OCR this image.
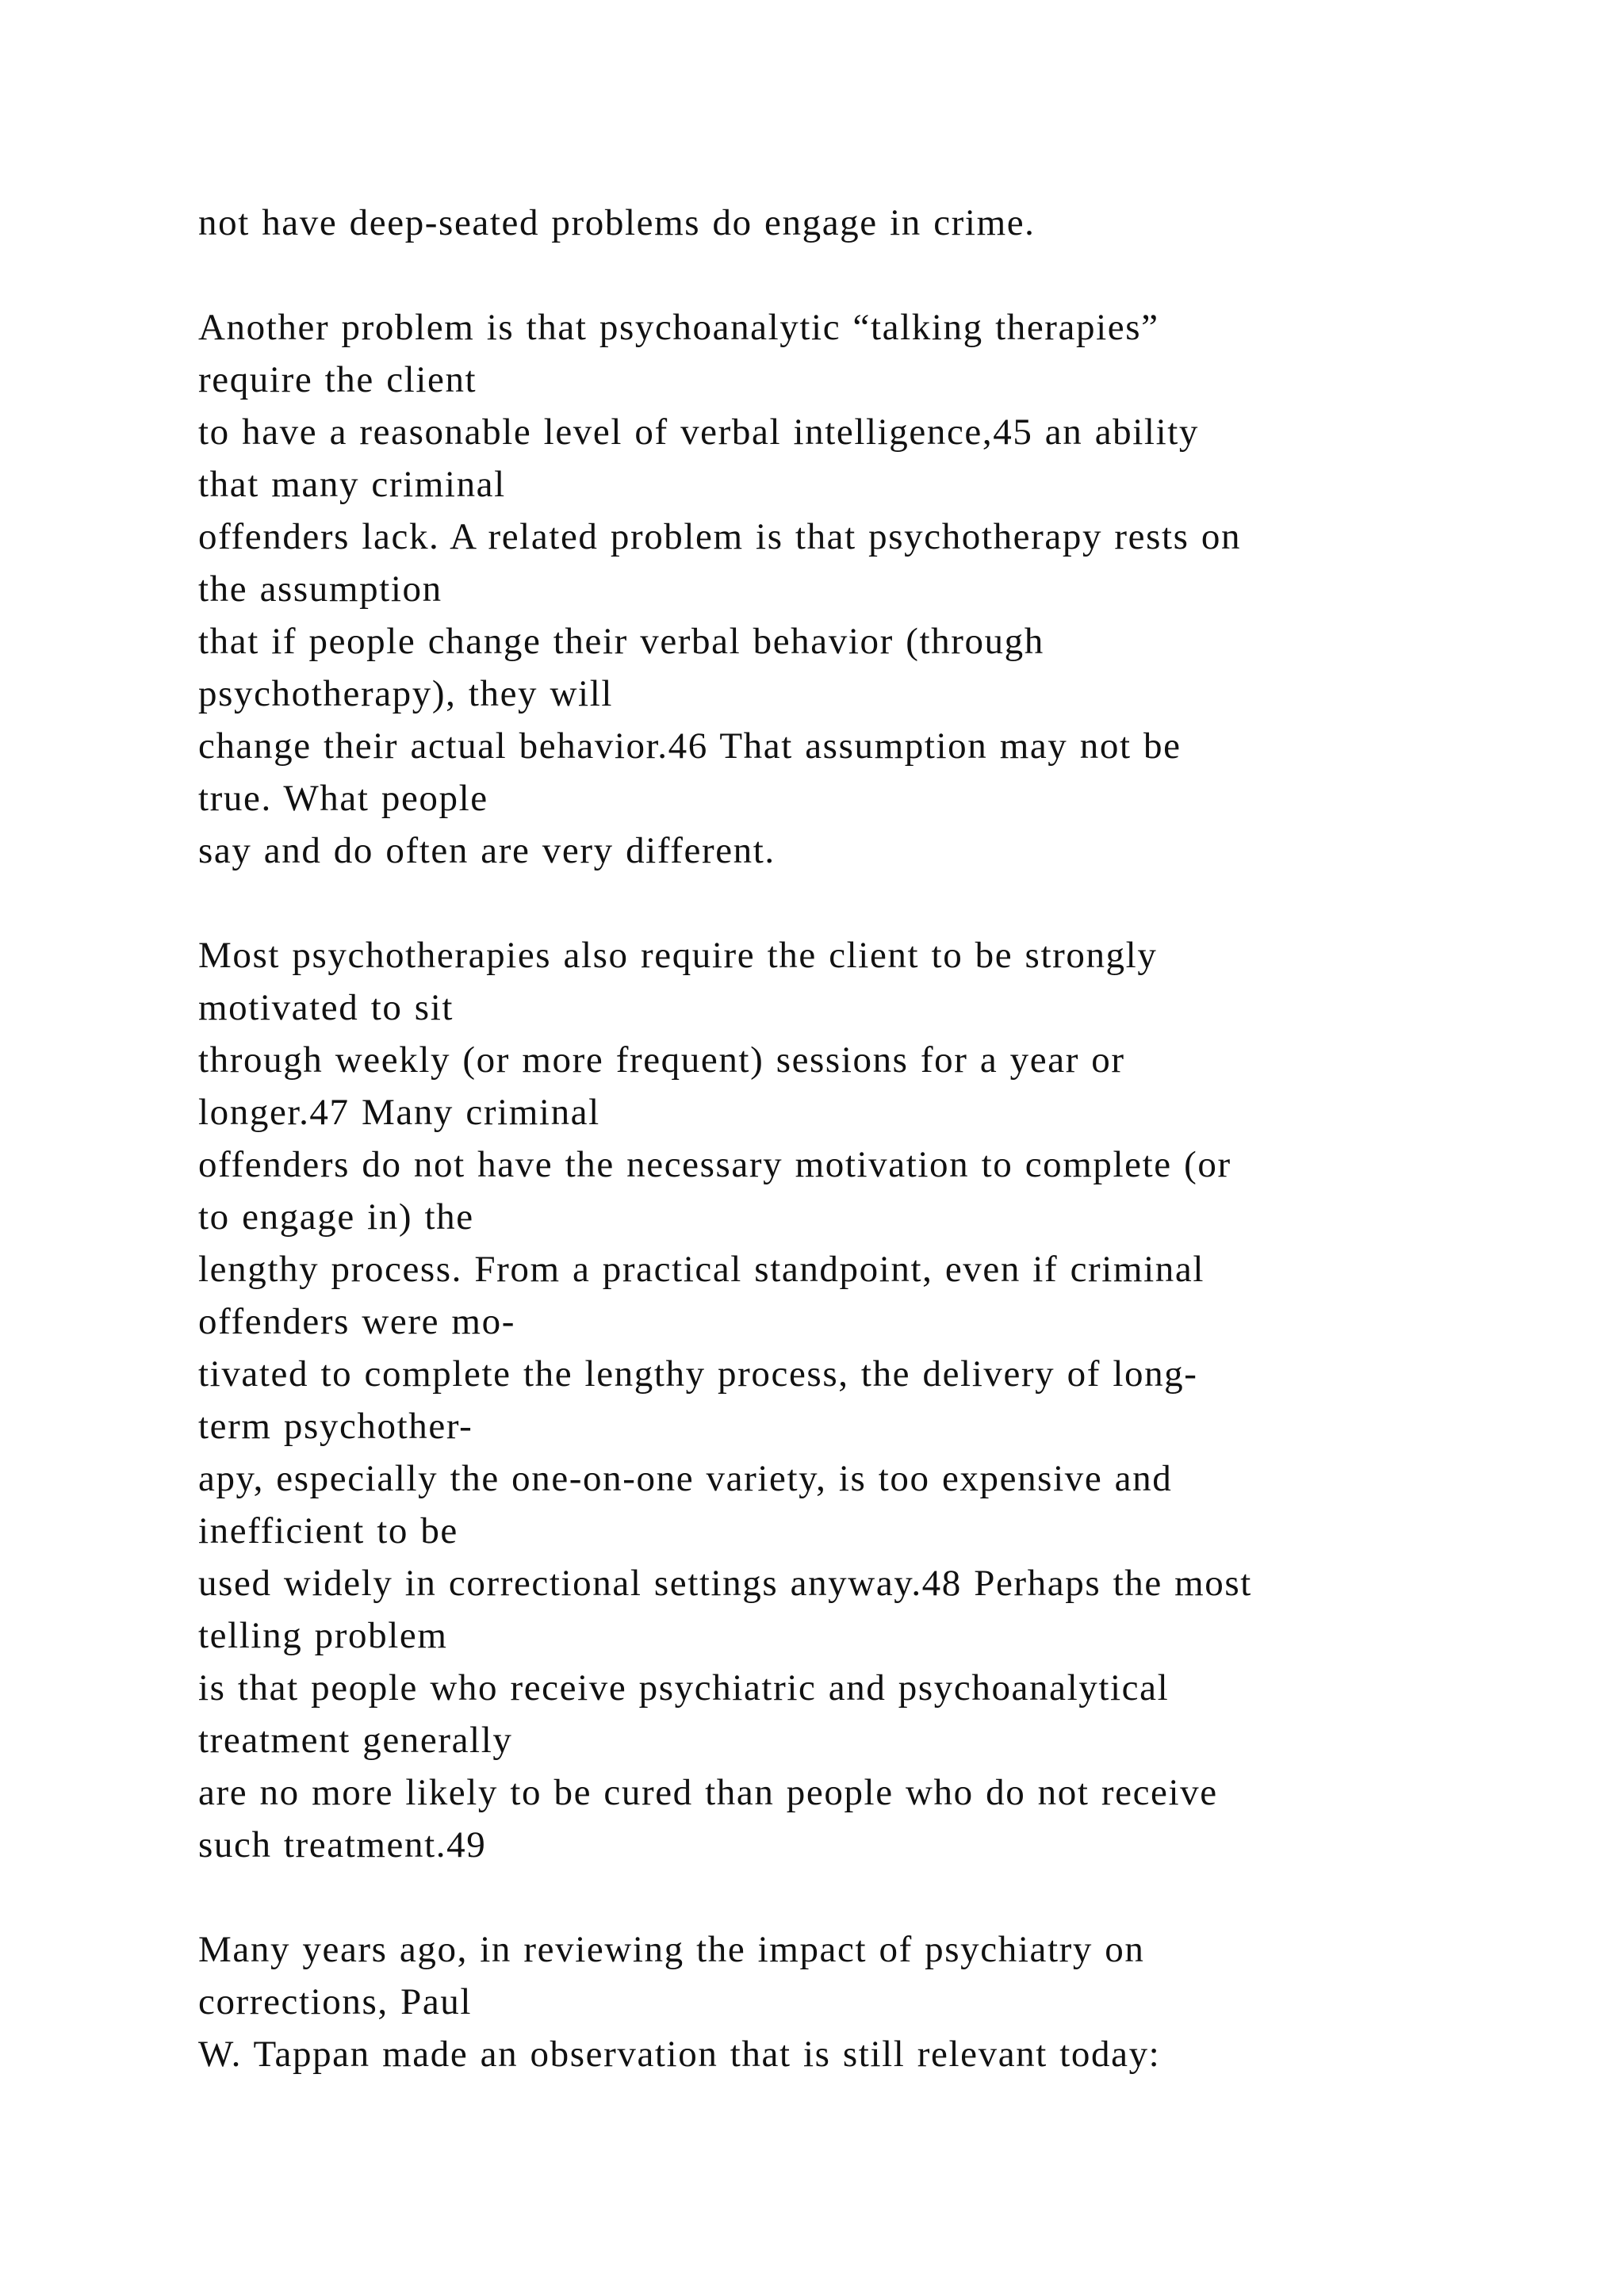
not have deep-seated problems do engage in crime.
Another problem is that psychoanalytic “talking therapies”
require the client
to have a reasonable level of verbal intelligence,45 an ability
that many criminal
offenders lack. A related problem is that psychotherapy rests on
the assumption
that if people change their verbal behavior (through
psychotherapy), they will
change their actual behavior.46 That assumption may not be
true. What people
say and do often are very different.
Most psychotherapies also require the client to be strongly
motivated to sit
through weekly (or more frequent) sessions for a year or
longer.47 Many criminal
offenders do not have the necessary motivation to complete (or
to engage in) the
lengthy process. From a practical standpoint, even if criminal
offenders were mo-
tivated to complete the lengthy process, the delivery of long-
term psychother-
apy, especially the one-on-one variety, is too expensive and
inefficient to be
used widely in correctional settings anyway.48 Perhaps the most
telling problem
is that people who receive psychiatric and psychoanalytical
treatment generally
are no more likely to be cured than people who do not receive
such treatment.49
Many years ago, in reviewing the impact of psychiatry on
corrections, Paul
W. Tappan made an observation that is still relevant today:
